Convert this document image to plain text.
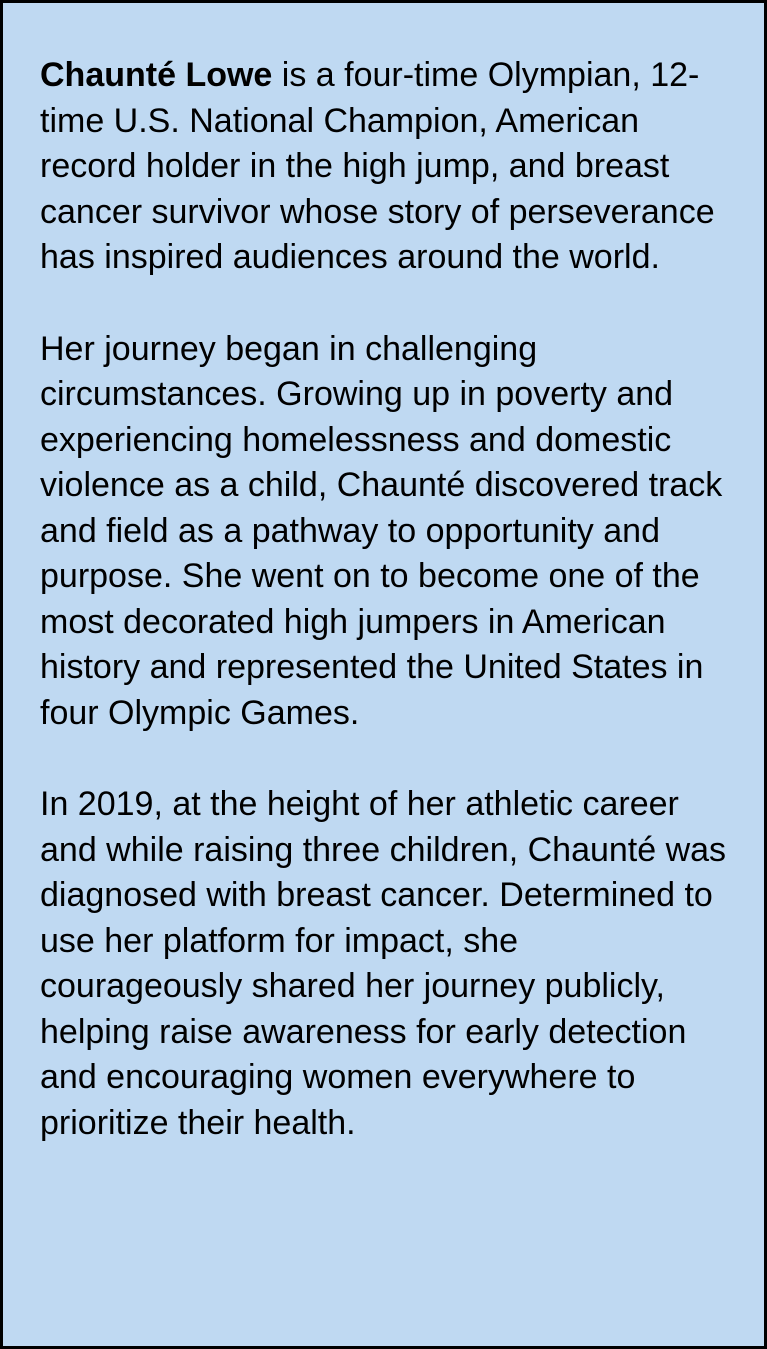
Chaunté Lowe is a four-time Olympian, 12-time U.S. National Champion, American record holder in the high jump, and breast cancer survivor whose story of perseverance has inspired audiences around the world.

Her journey began in challenging circumstances. Growing up in poverty and experiencing homelessness and domestic violence as a child, Chaunté discovered track and field as a pathway to opportunity and purpose. She went on to become one of the most decorated high jumpers in American history and represented the United States in four Olympic Games.

In 2019, at the height of her athletic career and while raising three children, Chaunté was diagnosed with breast cancer. Determined to use her platform for impact, she courageously shared her journey publicly, helping raise awareness for early detection and encouraging women everywhere to prioritize their health.
